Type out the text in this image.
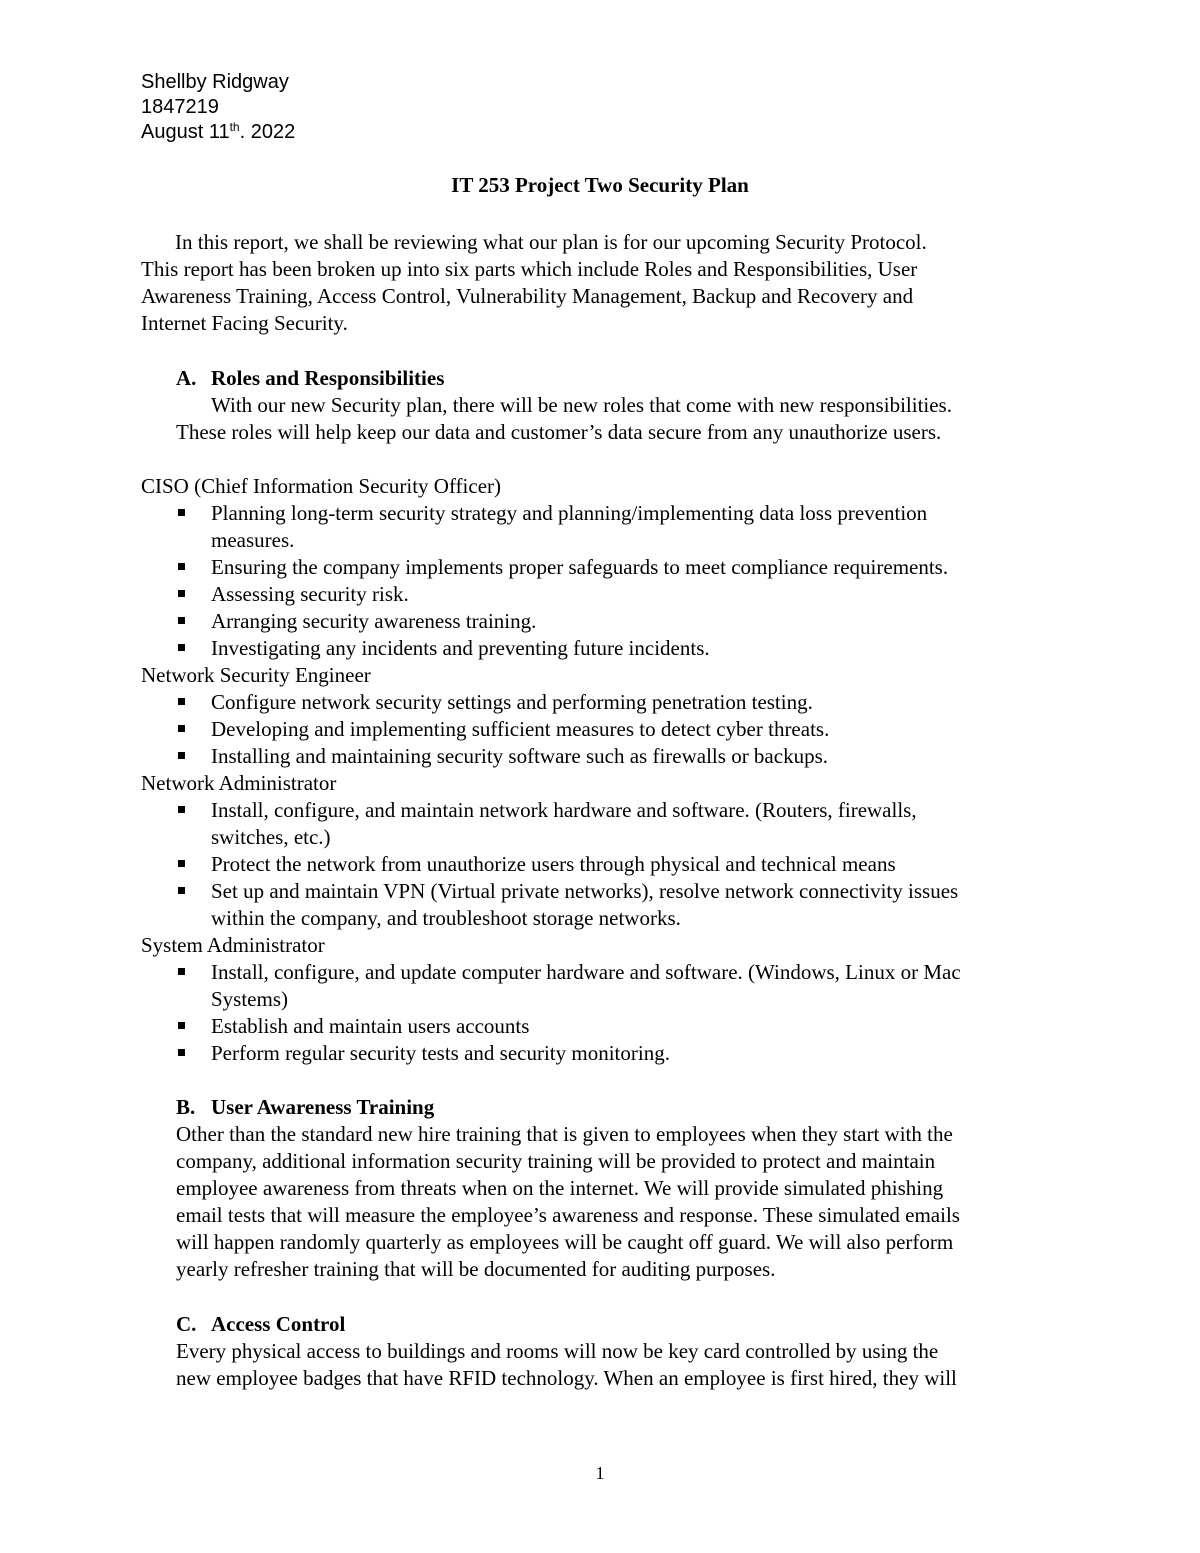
Shellby Ridgway
1847219
August 11th. 2022
IT 253 Project Two Security Plan
In this report, we shall be reviewing what our plan is for our upcoming Security Protocol.
This report has been broken up into six parts which include Roles and Responsibilities, User
Awareness Training, Access Control, Vulnerability Management, Backup and Recovery and
Internet Facing Security.
A. Roles and Responsibilities
With our new Security plan, there will be new roles that come with new responsibilities.
These roles will help keep our data and customer’s data secure from any unauthorize users.
CISO (Chief Information Security Officer)
Planning long-term security strategy and planning/implementing data loss prevention
measures.
Ensuring the company implements proper safeguards to meet compliance requirements.
Assessing security risk.
Arranging security awareness training.
Investigating any incidents and preventing future incidents.
Network Security Engineer
Configure network security settings and performing penetration testing.
Developing and implementing sufficient measures to detect cyber threats.
Installing and maintaining security software such as firewalls or backups.
Network Administrator
Install, configure, and maintain network hardware and software. (Routers, firewalls,
switches, etc.)
Protect the network from unauthorize users through physical and technical means
Set up and maintain VPN (Virtual private networks), resolve network connectivity issues
within the company, and troubleshoot storage networks.
System Administrator
Install, configure, and update computer hardware and software. (Windows, Linux or Mac
Systems)
Establish and maintain users accounts
Perform regular security tests and security monitoring.
B. User Awareness Training
Other than the standard new hire training that is given to employees when they start with the
company, additional information security training will be provided to protect and maintain
employee awareness from threats when on the internet. We will provide simulated phishing
email tests that will measure the employee’s awareness and response. These simulated emails
will happen randomly quarterly as employees will be caught off guard. We will also perform
yearly refresher training that will be documented for auditing purposes.
C. Access Control
Every physical access to buildings and rooms will now be key card controlled by using the
new employee badges that have RFID technology. When an employee is first hired, they will
1
